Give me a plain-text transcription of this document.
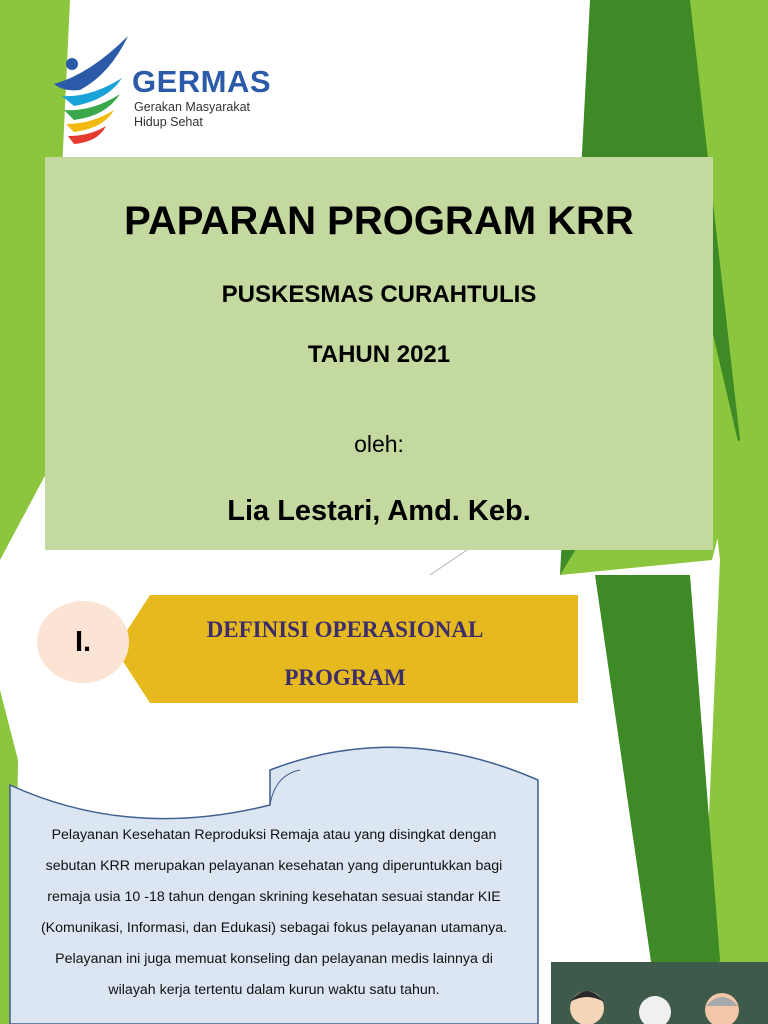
GERMAS
Gerakan Masyarakat
Hidup Sehat
PAPARAN PROGRAM KRR
PUSKESMAS CURAHTULIS
TAHUN 2021
oleh:
Lia Lestari, Amd. Keb.
I.	DEFINISI OPERASIONAL
PROGRAM
Pelayanan Kesehatan Reproduksi Remaja atau yang disingkat dengan
sebutan KRR merupakan pelayanan kesehatan yang diperuntukkan bagi
remaja usia 10 -18 tahun dengan skrining kesehatan sesuai standar KIE
(Komunikasi, Informasi, dan Edukasi) sebagai fokus pelayanan utamanya.
Pelayanan ini juga memuat konseling dan pelayanan medis lainnya di
wilayah kerja tertentu dalam kurun waktu satu tahun.
